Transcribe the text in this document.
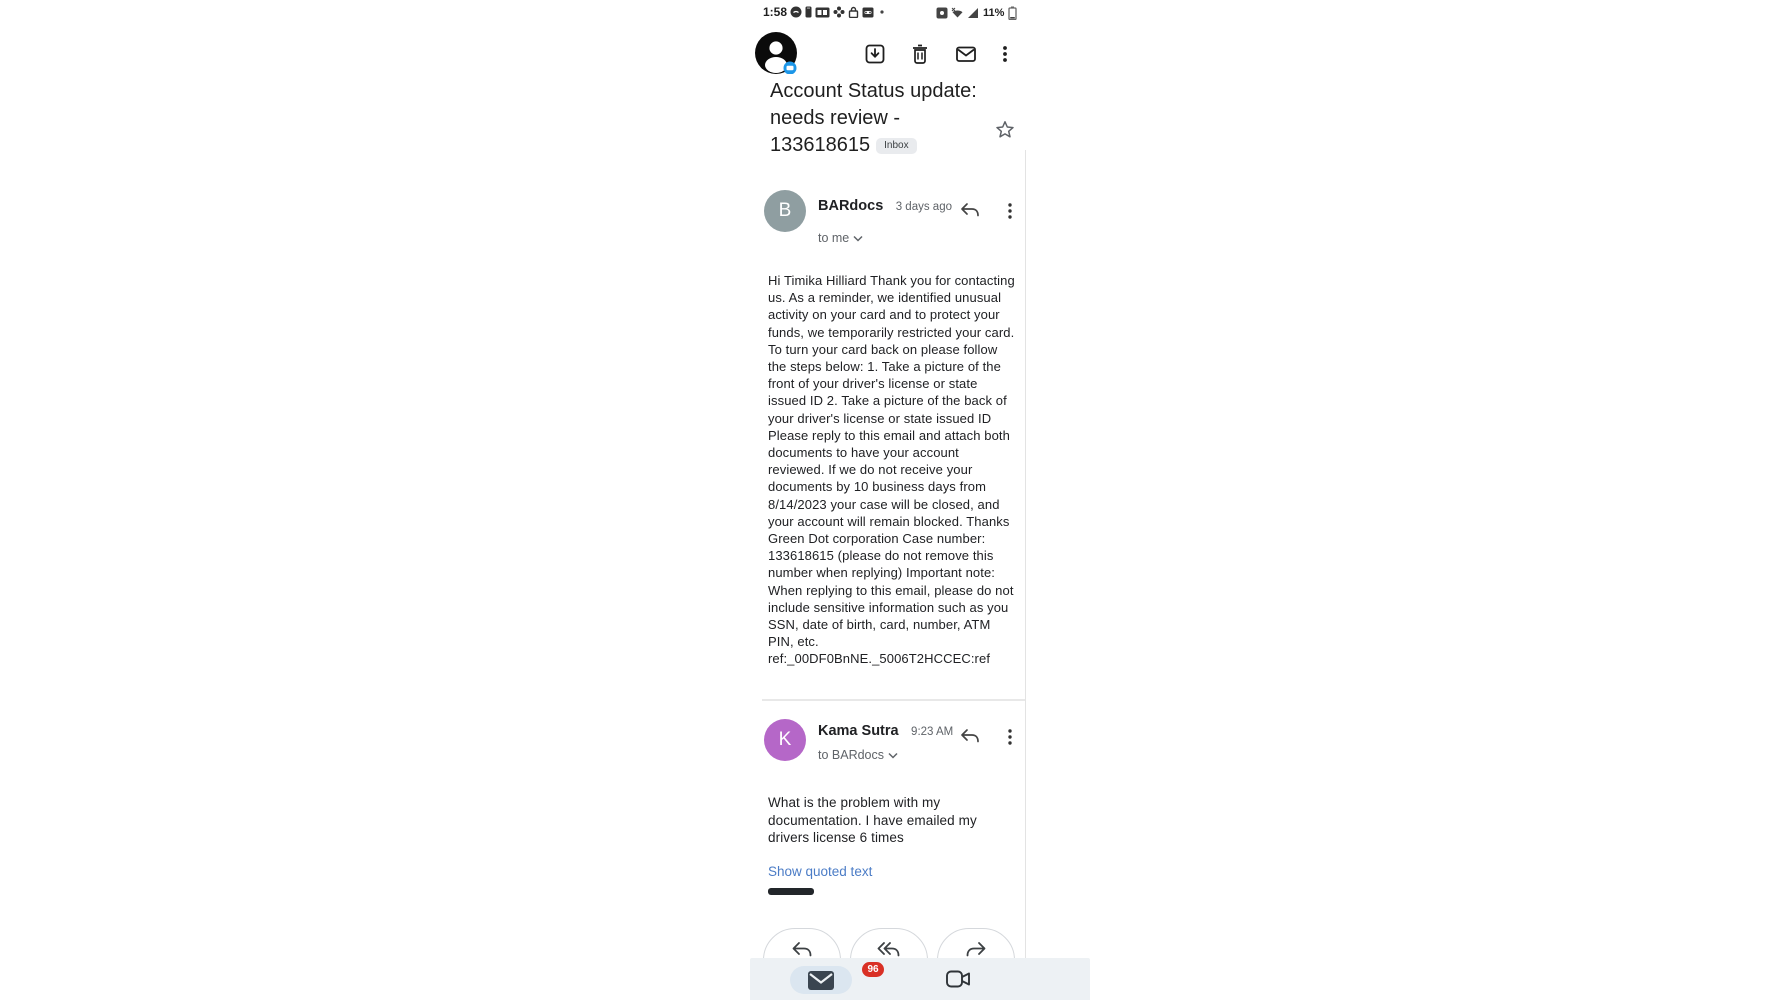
1:58	11%
Account Status update: needs review - 133618615 Inbox
B BARdocs 3 days ago
to me
Hi Timika Hilliard Thank you for contacting us. As a reminder, we identified unusual activity on your card and to protect your funds, we temporarily restricted your card. To turn your card back on please follow the steps below: 1. Take a picture of the front of your driver's license or state issued ID 2. Take a picture of the back of your driver's license or state issued ID Please reply to this email and attach both documents to have your account reviewed. If we do not receive your documents by 10 business days from 8/14/2023 your case will be closed, and your account will remain blocked. Thanks Green Dot corporation Case number: 133618615 (please do not remove this number when replying) Important note: When replying to this email, please do not include sensitive information such as you SSN, date of birth, card, number, ATM PIN, etc. ref:_00DF0BnNE._5006T2HCCEC:ref
K Kama Sutra 9:23 AM
to BARdocs
What is the problem with my documentation. I have emailed my drivers license 6 times
Show quoted text
96
